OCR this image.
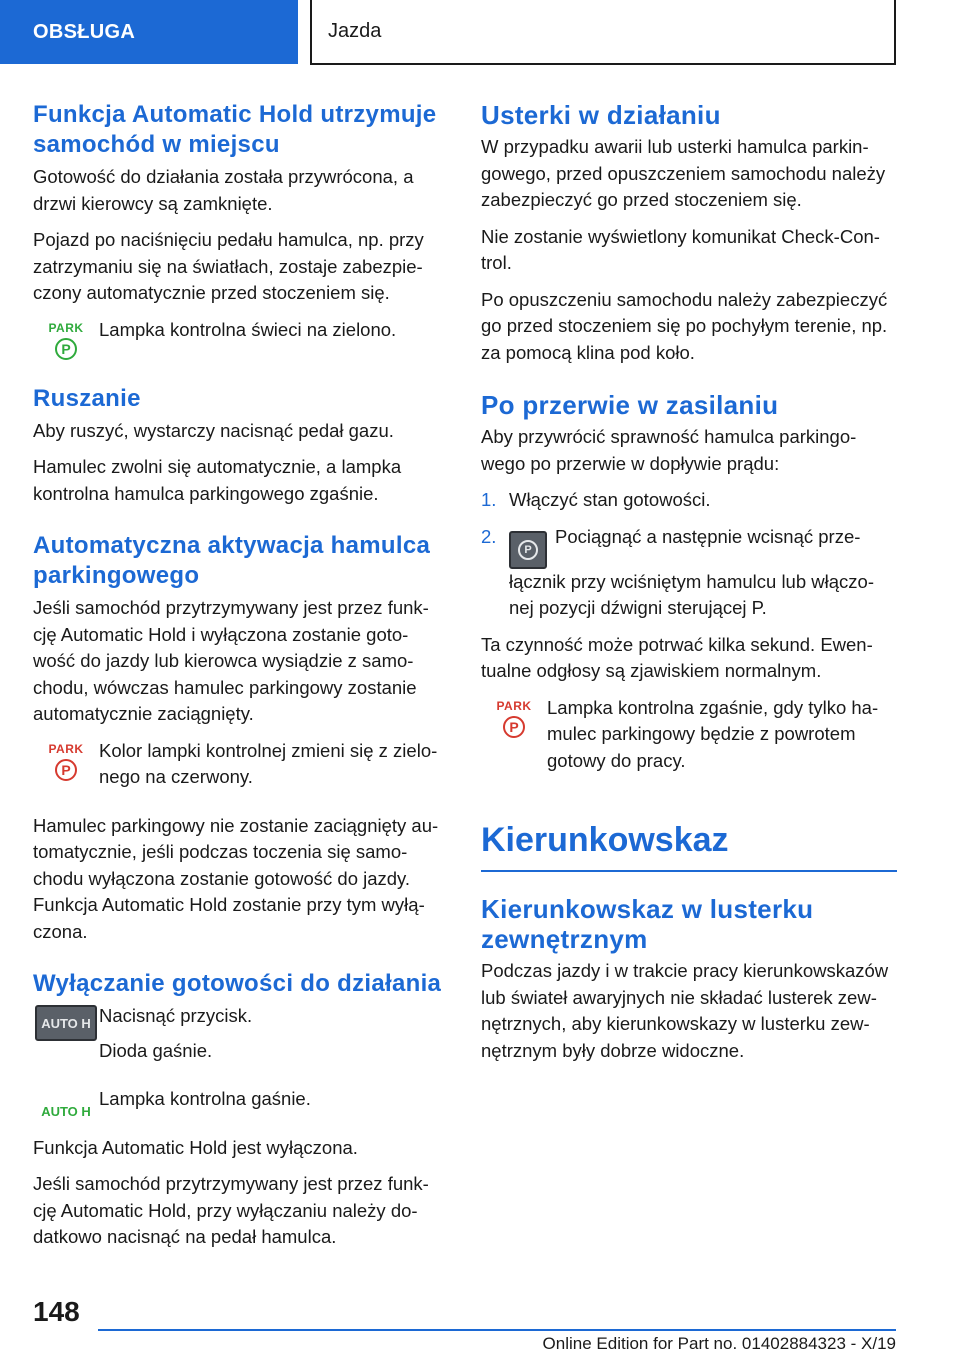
OBSŁUGA	Jazda
Funkcja Automatic Hold utrzymuje samochód w miejscu

Gotowość do działania została przywrócona, a drzwi kierowcy są zamknięte.

Pojazd po naciśnięciu pedału hamulca, np. przy zatrzymaniu się na światłach, zostaje zabezpie‐czony automatycznie przed stoczeniem się.

PARK
P

Lampka kontrolna świeci na zielono.

Ruszanie

Aby ruszyć, wystarczy nacisnąć pedał gazu.

Hamulec zwolni się automatycznie, a lampka kontrolna hamulca parkingowego zgaśnie.

Automatyczna aktywacja hamulca parkingowego

Jeśli samochód przytrzymywany jest przez funk‐cję Automatic Hold i wyłączona zostanie goto‐wość do jazdy lub kierowca wysiądzie z samo‐chodu, wówczas hamulec parkingowy zostanie automatycznie zaciągnięty.

PARK
P

Kolor lampki kontrolnej zmieni się z zielo‐nego na czerwony.

Hamulec parkingowy nie zostanie zaciągnięty au‐tomatycznie, jeśli podczas toczenia się samo‐chodu wyłączona zostanie gotowość do jazdy. Funkcja Automatic Hold zostanie przy tym wyłą‐czona.

Wyłączanie gotowości do działania
AUTO H Nacisnąć przycisk.

Dioda gaśnie.

AUTO H

Lampka kontrolna gaśnie.

Funkcja Automatic Hold jest wyłączona.

Jeśli samochód przytrzymywany jest przez funk‐cję Automatic Hold, przy wyłączaniu należy do‐datkowo nacisnąć na pedał hamulca.

Usterki w działaniu

W przypadku awarii lub usterki hamulca parkin‐gowego, przed opuszczeniem samochodu należy zabezpieczyć go przed stoczeniem się.

Nie zostanie wyświetlony komunikat Check-Con‐trol.

Po opuszczeniu samochodu należy zabezpieczyć go przed stoczeniem się po pochyłym terenie, np. za pomocą klina pod koło.

Po przerwie w zasilaniu

Aby przywrócić sprawność hamulca parkingo‐wego po przerwie w dopływie prądu:

1. Włączyć stan gotowości.
2.
P
Pociągnąć a następnie wcisnąć prze‐łącznik przy wciśniętym hamulcu lub włączo‐nej pozycji dźwigni sterującej P.

Ta czynność może potrwać kilka sekund. Ewen‐tualne odgłosy są zjawiskiem normalnym.

PARK
P

Lampka kontrolna zgaśnie, gdy tylko ha‐mulec parkingowy będzie z powrotem gotowy do pracy.

Kierunkowskaz
Kierunkowskaz w lusterku zewnętrznym

Podczas jazdy i w trakcie pracy kierunkowskazów lub świateł awaryjnych nie składać lusterek zew‐nętrznych, aby kierunkowskazy w lusterku zew‐nętrznym były dobrze widoczne.

148
Online Edition for Part no. 01402884323 - X/19
